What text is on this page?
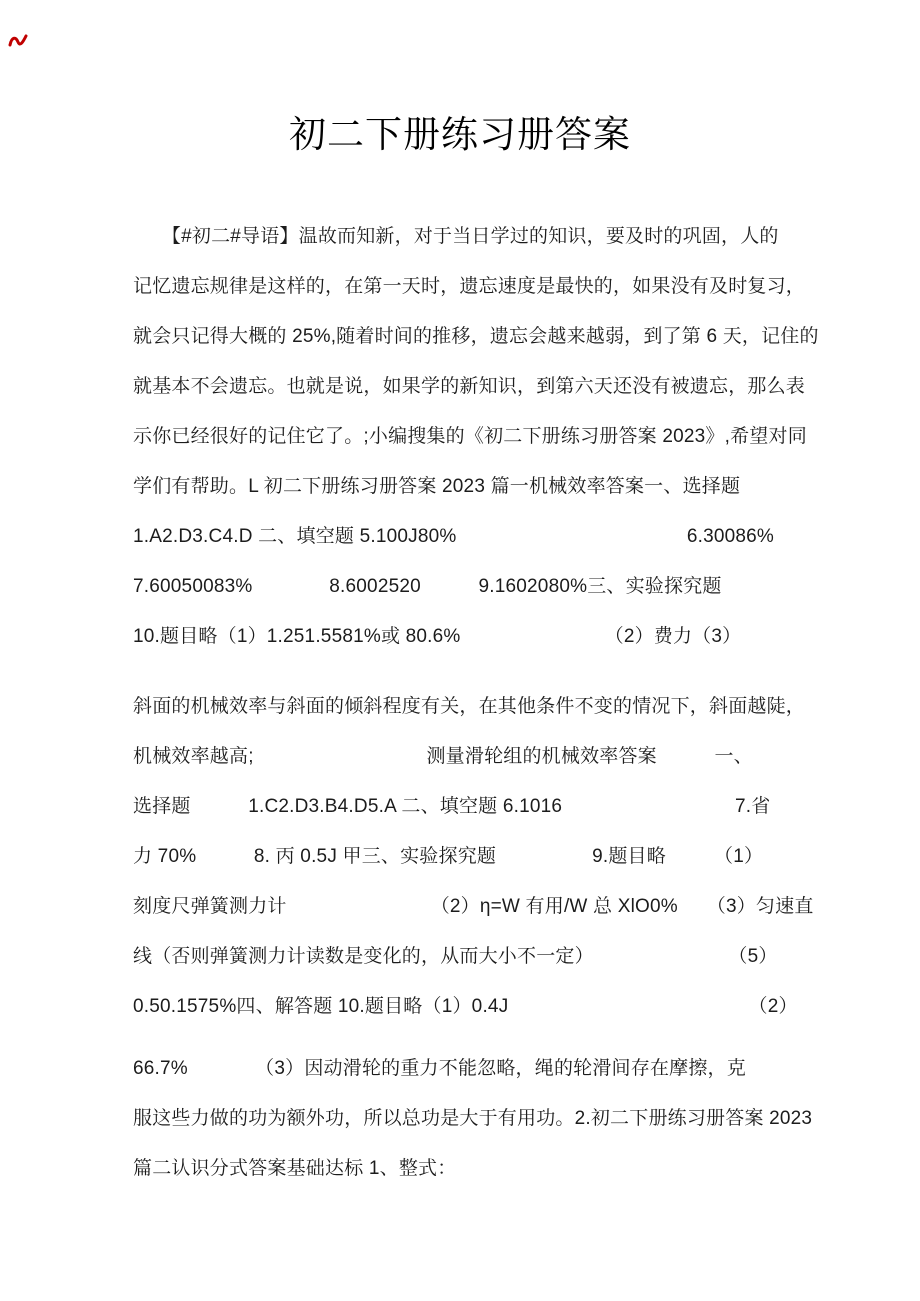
初二下册练习册答案
　　【#初二#导语】温故而知新，对于当日学过的知识，要及时的巩固，人的
记忆遗忘规律是这样的，在第一天时，遗忘速度是最快的，如果没有及时复习，
就会只记得大概的 25%,随着时间的推移，遗忘会越来越弱，到了第 6 天，记住的
就基本不会遗忘。也就是说，如果学的新知识，到第六天还没有被遗忘，那么表
示你已经很好的记住它了。;小编搜集的《初二下册练习册答案 2023》,希望对同
学们有帮助。L 初二下册练习册答案 2023 篇一机械效率答案一、选择题
1.A2.D3.C4.D 二、填空题 5.100J80%　　　　　　　　　　　　6.30086%
7.60050083%　　　　8.6002520　　　9.1602080%三、实验探究题
10.题目略（1）1.251.5581%或 80.6%　　　　　　　　（2）费力（3）
斜面的机械效率与斜面的倾斜程度有关，在其他条件不变的情况下，斜面越陡，
机械效率越高;　　　　　　　　　测量滑轮组的机械效率答案　　　一、
选择题　　　1.C2.D3.B4.D5.A 二、填空题 6.1016　　　　　　　　　7.省
力 70%　　　8. 丙 0.5J 甲三、实验探究题　　　　　9.题目略　　　（1）
刻度尺弹簧测力计　　　　　　　　（2）η=W 有用/W 总 XlO0%　　（3）匀速直
线（否则弹簧测力计读数是变化的，从而大小不一定）　　　　　　　　（5）
0.50.1575%四、解答题 10.题目略（1）0.4J　　　　　　　　　　　　　（2）
66.7%　　　　（3）因动滑轮的重力不能忽略，绳的轮滑间存在摩擦，克
服这些力做的功为额外功，所以总功是大于有用功。2.初二下册练习册答案 2023
篇二认识分式答案基础达标 1、整式：
